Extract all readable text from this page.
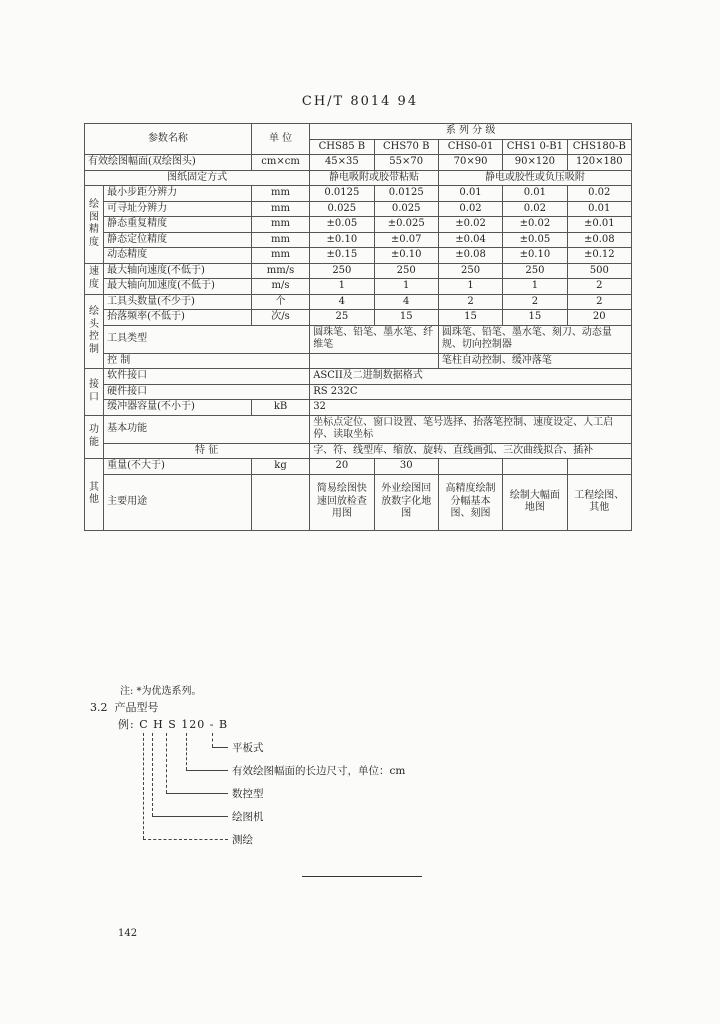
CH/T 8014 94
参数名称		单 位	系 列 分 级				
			CHS85 B	CHS70 B	CHS0-01	CHS1 0-B1	CHS180-B
有效绘图幅面(双绘图头)		cm×cm	45×35	55×70	70×90	90×120	120×180
图纸固定方式			静电吸附或胶带粘贴		静电或胶性或负压吸附		
绘图精度	最小步距分辨力	mm	0.0125	0.0125	0.01	0.01	0.02
	可寻址分辨力	mm	0.025	0.025	0.02	0.02	0.01
	静态重复精度	mm	±0.05	±0.025	±0.02	±0.02	±0.01
	静态定位精度	mm	±0.10	±0.07	±0.04	±0.05	±0.08
	动态精度	mm	±0.15	±0.10	±0.08	±0.10	±0.12
速度	最大轴向速度(不低于)	mm/s	250	250	250	250	500
	最大轴向加速度(不低于)	m/s	1	1	1	1	2
绘头控制	工具头数量(不少于)	个	4	4	2	2	2
	抬落频率(不低于)	次/s	25	15	15	15	20
	工具类型		圆珠笔、铅笔、墨水笔、纤维笔		圆珠笔、铅笔、墨水笔、刻刀、动态量规、切向控制器		
	控 制				笔柱自动控制、缓冲落笔		
接口	软件接口		ASCII及二进制数据格式				
	硬件接口		RS 232C				
	缓冲器容量(不小于)	kB	32				
功能	基本功能		坐标点定位、窗口设置、笔号选择、抬落笔控制、速度设定、人工启停、读取坐标				
	特 征		字、符、线型库、缩放、旋转、直线画弧、三次曲线拟合、插补				
其他	重量(不大于)	kg	20	30			
	主要用途		简易绘图快速回放检查用图	外业绘图回放数字化地图	高精度绘制分幅基本图、刻图	绘制大幅面地图	工程绘图、其他
注: *为优选系列。
3.2 产品型号
例: C H S 120 - B
平板式
有效绘图幅面的长边尺寸，单位：cm
数控型
绘图机
测绘
142
